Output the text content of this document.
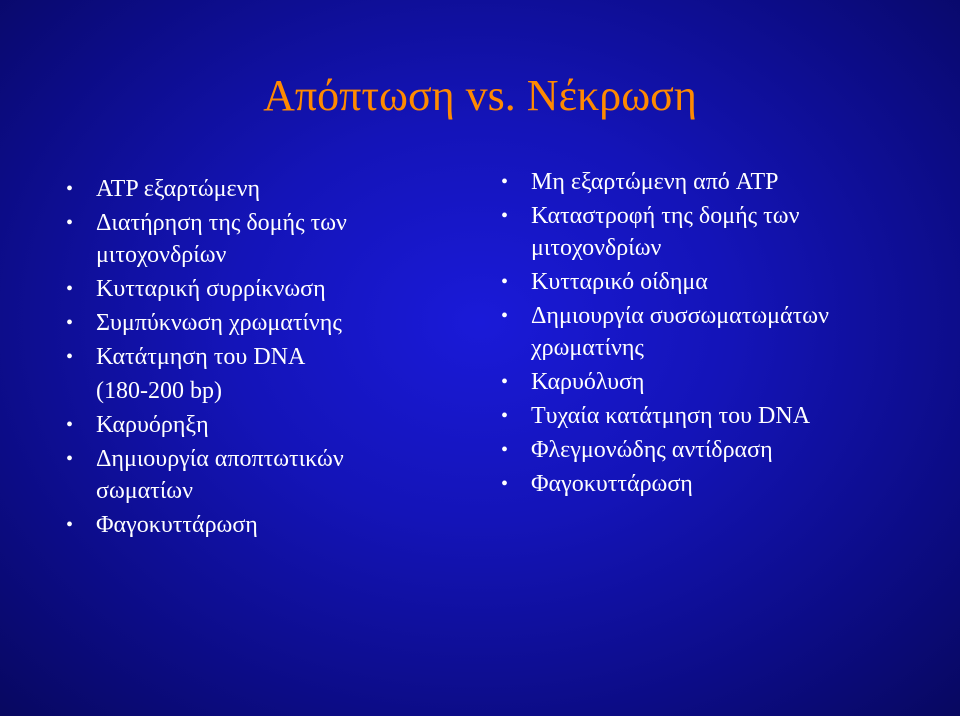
Απόπτωση vs. Νέκρωση
• ATP εξαρτώμενη
• Διατήρηση της δομής των μιτοχονδρίων
• Κυτταρική συρρίκνωση
• Συμπύκνωση χρωματίνης
• Κατάτμηση του DNA
(180-200 bp)
• Καρυόρηξη
• Δημιουργία αποπτωτικών σωματίων
• Φαγοκυττάρωση
• Μη εξαρτώμενη από ATP
• Καταστροφή της δομής των μιτοχονδρίων
• Κυτταρικό οίδημα
• Δημιουργία συσσωματωμάτων χρωματίνης
• Καρυόλυση
• Τυχαία κατάτμηση του DNA
• Φλεγμονώδης αντίδραση
• Φαγοκυττάρωση
